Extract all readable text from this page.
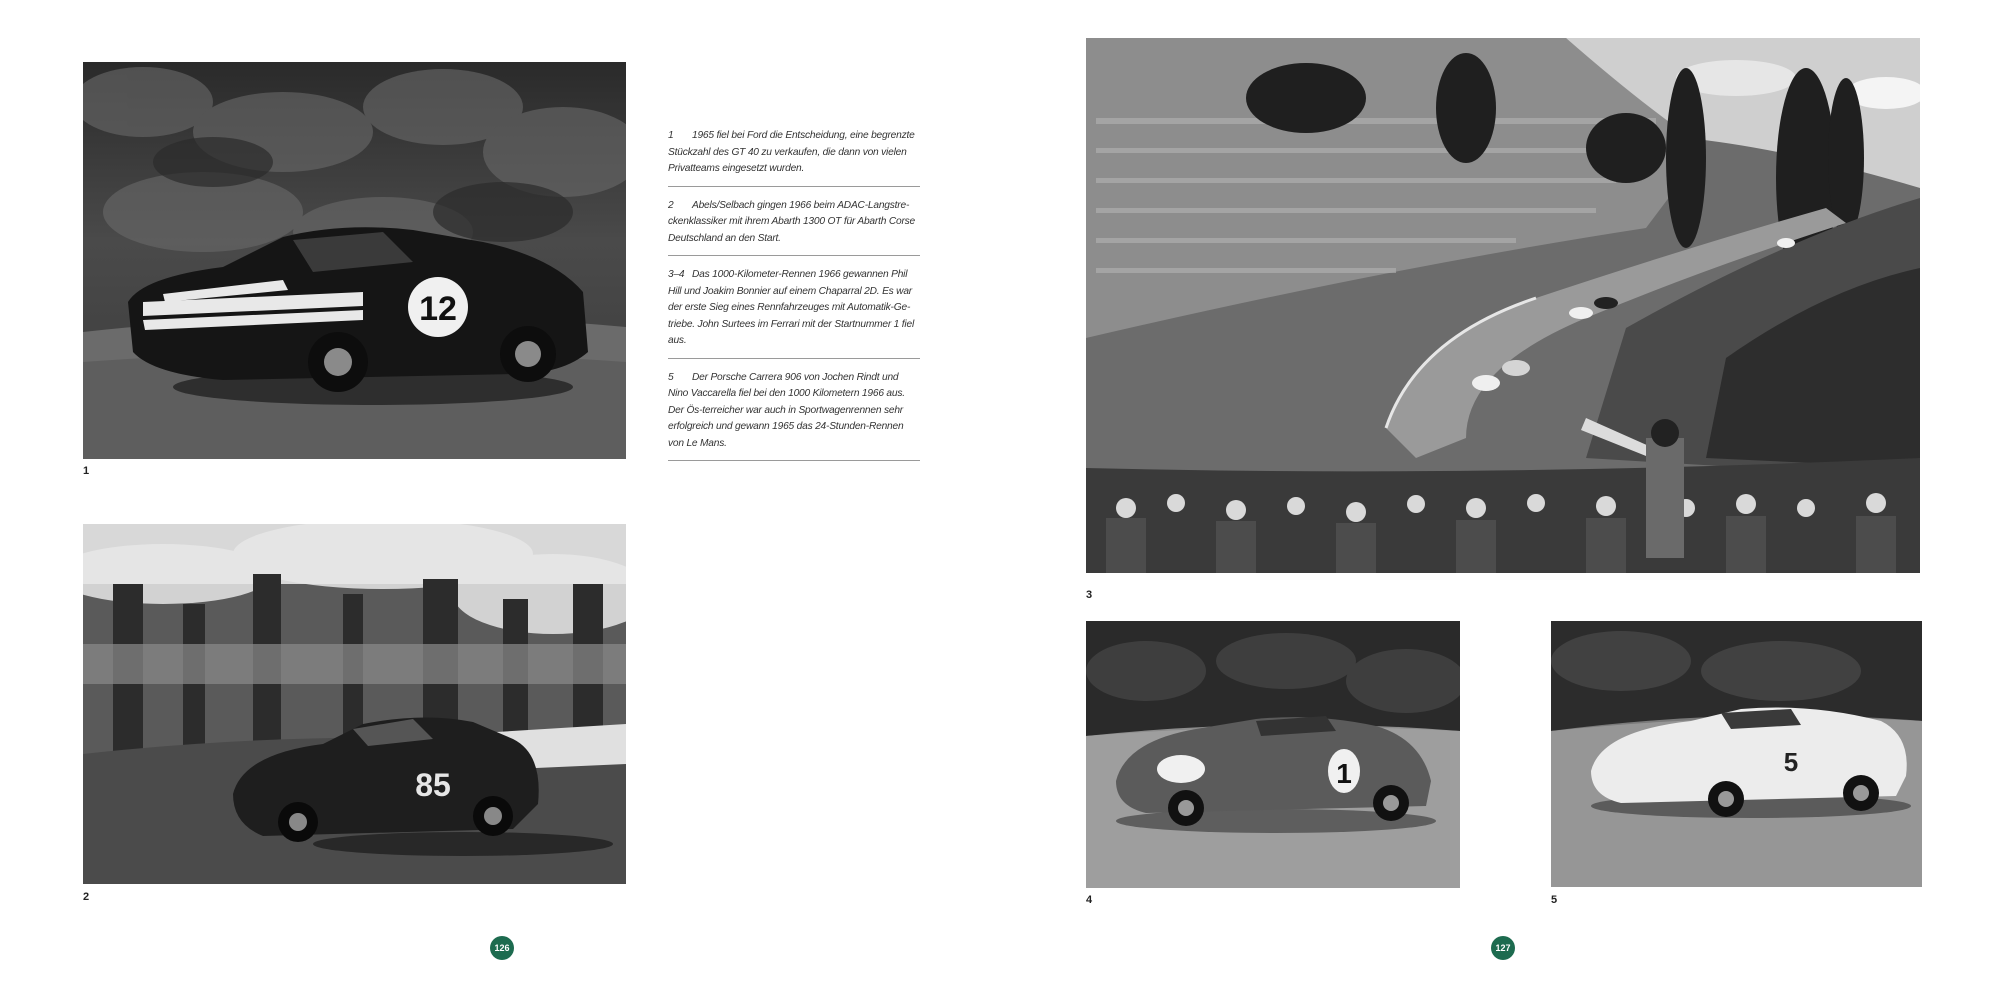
12
1
85
2

1 1965 fiel bei Ford die Entscheidung, eine begrenzte Stückzahl des GT 40 zu verkaufen, die dann von vielen Privatteams eingesetzt wurden.

2 Abels/Selbach gingen 1966 beim ADAC-Langstre-ckenklassiker mit ihrem Abarth 1300 OT für Abarth Corse Deutschland an den Start.

3–4 Das 1000-Kilometer-Rennen 1966 gewannen Phil Hill und Joakim Bonnier auf einem Chaparral 2D. Es war der erste Sieg eines Rennfahrzeuges mit Automatik-Ge-triebe. John Surtees im Ferrari mit der Startnummer 1 fiel aus.

5 Der Porsche Carrera 906 von Jochen Rindt und Nino Vaccarella fiel bei den 1000 Kilometern 1966 aus. Der Ös-terreicher war auch in Sportwagenrennen sehr erfolgreich und gewann 1965 das 24-Stunden-Rennen von Le Mans.

126
3
1
4
5
5
127
